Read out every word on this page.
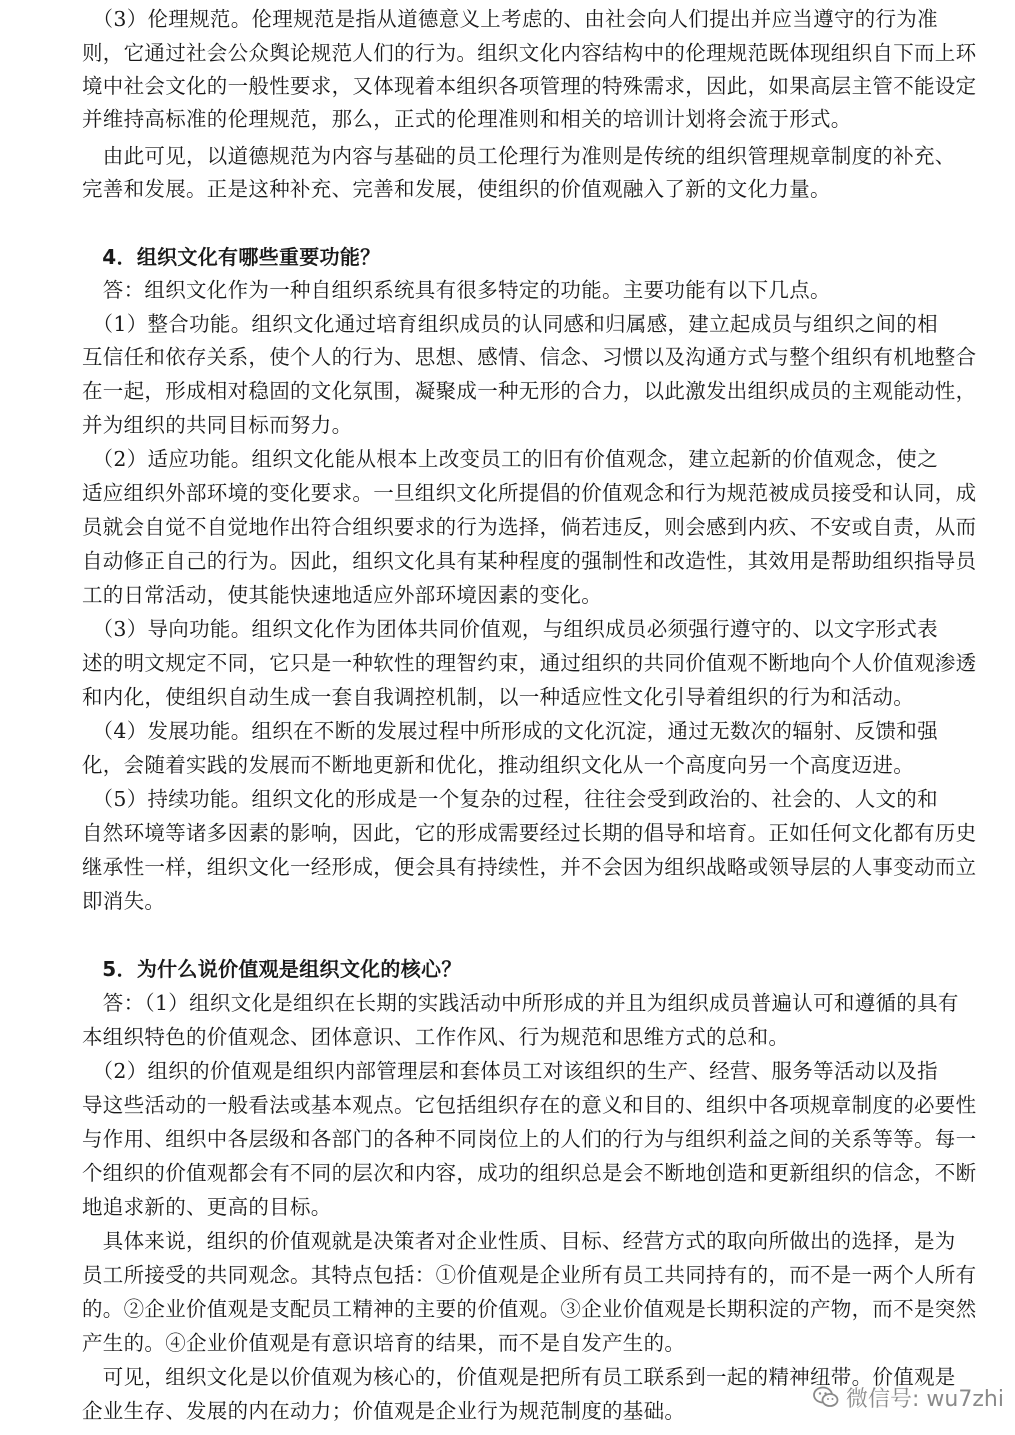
　（3）伦理规范。伦理规范是指从道德意义上考虑的、由社会向人们提出并应当遵守的行为准
则，它通过社会公众舆论规范人们的行为。组织文化内容结构中的伦理规范既体现组织自下而上环
境中社会文化的一般性要求，又体现着本组织各项管理的特殊需求，因此，如果高层主管不能设定
并维持高标准的伦理规范，那么，正式的伦理准则和相关的培训计划将会流于形式。
　由此可见，以道德规范为内容与基础的员工伦理行为准则是传统的组织管理规章制度的补充、
完善和发展。正是这种补充、完善和发展，使组织的价值观融入了新的文化力量。
　4．组织文化有哪些重要功能？
　答：组织文化作为一种自组织系统具有很多特定的功能。主要功能有以下几点。
　（1）整合功能。组织文化通过培育组织成员的认同感和归属感，建立起成员与组织之间的相
互信任和依存关系，使个人的行为、思想、感情、信念、习惯以及沟通方式与整个组织有机地整合
在一起，形成相对稳固的文化氛围，凝聚成一种无形的合力，以此激发出组织成员的主观能动性，
并为组织的共同目标而努力。
　（2）适应功能。组织文化能从根本上改变员工的旧有价值观念，建立起新的价值观念，使之
适应组织外部环境的变化要求。一旦组织文化所提倡的价值观念和行为规范被成员接受和认同，成
员就会自觉不自觉地作出符合组织要求的行为选择，倘若违反，则会感到内疚、不安或自责，从而
自动修正自己的行为。因此，组织文化具有某种程度的强制性和改造性，其效用是帮助组织指导员
工的日常活动，使其能快速地适应外部环境因素的变化。
　（3）导向功能。组织文化作为团体共同价值观，与组织成员必须强行遵守的、以文字形式表
述的明文规定不同，它只是一种软性的理智约束，通过组织的共同价值观不断地向个人价值观渗透
和内化，使组织自动生成一套自我调控机制，以一种适应性文化引导着组织的行为和活动。
　（4）发展功能。组织在不断的发展过程中所形成的文化沉淀，通过无数次的辐射、反馈和强
化，会随着实践的发展而不断地更新和优化，推动组织文化从一个高度向另一个高度迈进。
　（5）持续功能。组织文化的形成是一个复杂的过程，往往会受到政治的、社会的、人文的和
自然环境等诸多因素的影响，因此，它的形成需要经过长期的倡导和培育。正如任何文化都有历史
继承性一样，组织文化一经形成，便会具有持续性，并不会因为组织战略或领导层的人事变动而立
即消失。
　5．为什么说价值观是组织文化的核心？
　答：（1）组织文化是组织在长期的实践活动中所形成的并且为组织成员普遍认可和遵循的具有
本组织特色的价值观念、团体意识、工作作风、行为规范和思维方式的总和。
　（2）组织的价值观是组织内部管理层和套体员工对该组织的生产、经营、服务等活动以及指
导这些活动的一般看法或基本观点。它包括组织存在的意义和目的、组织中各项规章制度的必要性
与作用、组织中各层级和各部门的各种不同岗位上的人们的行为与组织利益之间的关系等等。每一
个组织的价值观都会有不同的层次和内容，成功的组织总是会不断地创造和更新组织的信念，不断
地追求新的、更高的目标。
　具体来说，组织的价值观就是决策者对企业性质、目标、经营方式的取向所做出的选择，是为
员工所接受的共同观念。其特点包括：①价值观是企业所有员工共同持有的，而不是一两个人所有
的。②企业价值观是支配员工精神的主要的价值观。③企业价值观是长期积淀的产物，而不是突然
产生的。④企业价值观是有意识培育的结果，而不是自发产生的。
　可见，组织文化是以价值观为核心的，价值观是把所有员工联系到一起的精神纽带。价值观是
企业生存、发展的内在动力；价值观是企业行为规范制度的基础。	微信号: wu7zhi
